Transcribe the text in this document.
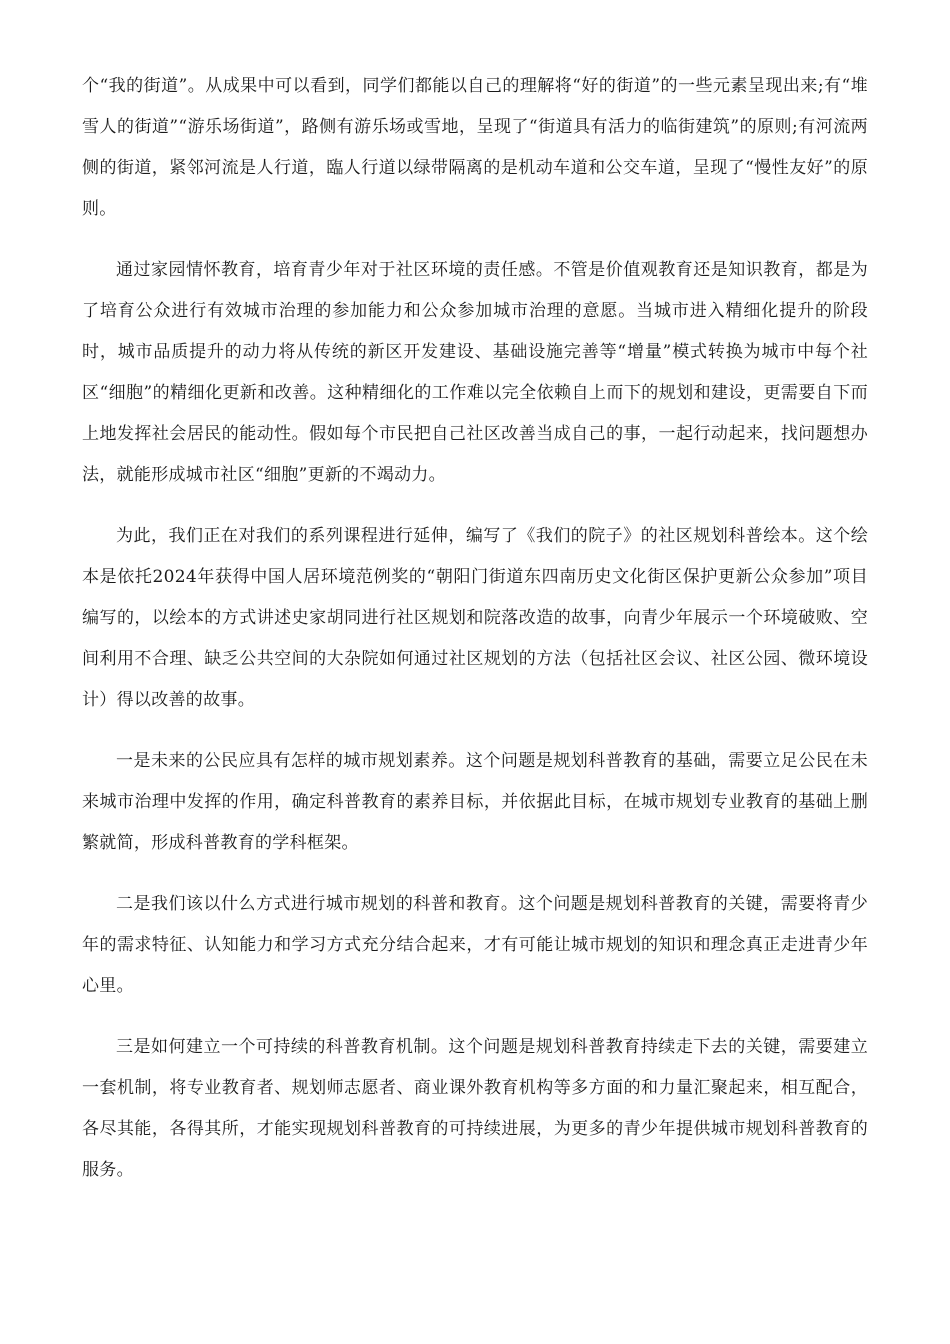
个“我的街道”。从成果中可以看到，同学们都能以自己的理解将“好的街道”的一些元素呈现出来;有“堆雪人的街道”“游乐场街道”，路侧有游乐场或雪地，呈现了“街道具有活力的临街建筑”的原则;有河流两侧的街道，紧邻河流是人行道，臨人行道以绿带隔离的是机动车道和公交车道，呈现了“慢性友好”的原则。

通过家园情怀教育，培育青少年对于社区环境的责任感。不管是价值观教育还是知识教育，都是为了培育公众进行有效城市治理的参加能力和公众参加城市治理的意愿。当城市进入精细化提升的阶段时，城市品质提升的动力将从传统的新区开发建设、基础设施完善等“增量”模式转换为城市中每个社区“细胞”的精细化更新和改善。这种精细化的工作难以完全依赖自上而下的规划和建设，更需要自下而上地发挥社会居民的能动性。假如每个市民把自己社区改善当成自己的事，一起行动起来，找问题想办法，就能形成城市社区“细胞”更新的不竭动力。

为此，我们正在对我们的系列课程进行延伸，编写了《我们的院子》的社区规划科普绘本。这个绘本是依托2024年获得中国人居环境范例奖的“朝阳门街道东四南历史文化街区保护更新公众参加”项目编写的，以绘本的方式讲述史家胡同进行社区规划和院落改造的故事，向青少年展示一个环境破败、空间利用不合理、缺乏公共空间的大杂院如何通过社区规划的方法（包括社区会议、社区公园、微环境设计）得以改善的故事。

一是未来的公民应具有怎样的城市规划素养。这个问题是规划科普教育的基础，需要立足公民在未来城市治理中发挥的作用，确定科普教育的素养目标，并依据此目标，在城市规划专业教育的基础上删繁就简，形成科普教育的学科框架。

二是我们该以什么方式进行城市规划的科普和教育。这个问题是规划科普教育的关键，需要将青少年的需求特征、认知能力和学习方式充分结合起来，才有可能让城市规划的知识和理念真正走进青少年心里。

三是如何建立一个可持续的科普教育机制。这个问题是规划科普教育持续走下去的关键，需要建立一套机制，将专业教育者、规划师志愿者、商业课外教育机构等多方面的和力量汇聚起来，相互配合，各尽其能，各得其所，才能实现规划科普教育的可持续进展，为更多的青少年提供城市规划科普教育的服务。
